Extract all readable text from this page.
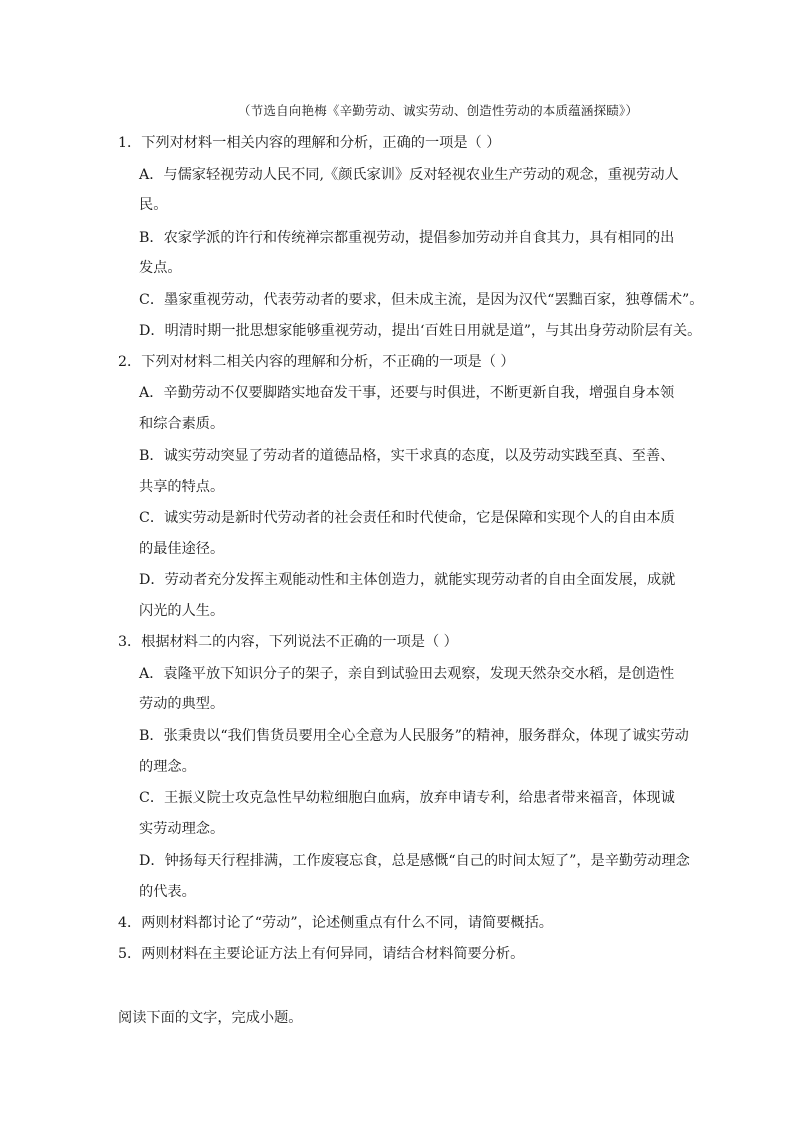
（节选自向艳梅《辛勤劳动、诚实劳动、创造性劳动的本质蕴涵探赜》）
1．下列对材料一相关内容的理解和分析，正确的一项是（ ）
A．与儒家轻视劳动人民不同,《颜氏家训》反对轻视农业生产劳动的观念，重视劳动人
民。
B．农家学派的许行和传统禅宗都重视劳动，提倡参加劳动并自食其力，具有相同的出
发点。
C．墨家重视劳动，代表劳动者的要求，但未成主流，是因为汉代“罢黜百家，独尊儒术”。
D．明清时期一批思想家能够重视劳动，提出‘百姓日用就是道”，与其出身劳动阶层有关。
2．下列对材料二相关内容的理解和分析，不正确的一项是（ ）
A．辛勤劳动不仅要脚踏实地奋发干事，还要与时俱进，不断更新自我，增强自身本领
和综合素质。
B．诚实劳动突显了劳动者的道德品格，实干求真的态度，以及劳动实践至真、至善、
共享的特点。
C．诚实劳动是新时代劳动者的社会责任和时代使命，它是保障和实现个人的自由本质
的最佳途径。
D．劳动者充分发挥主观能动性和主体创造力，就能实现劳动者的自由全面发展，成就
闪光的人生。
3．根据材料二的内容，下列说法不正确的一项是（ ）
A．袁隆平放下知识分子的架子，亲自到试验田去观察，发现天然杂交水稻，是创造性
劳动的典型。
B．张秉贵以“我们售货员要用全心全意为人民服务”的精神，服务群众，体现了诚实劳动
的理念。
C．王振义院士攻克急性早幼粒细胞白血病，放弃申请专利，给患者带来福音，体现诚
实劳动理念。
D．钟扬每天行程排满，工作废寝忘食，总是感慨“自己的时间太短了”，是辛勤劳动理念
的代表。
4．两则材料都讨论了“劳动”，论述侧重点有什么不同，请简要概括。
5．两则材料在主要论证方法上有何异同，请结合材料简要分析。
阅读下面的文字，完成小题。
